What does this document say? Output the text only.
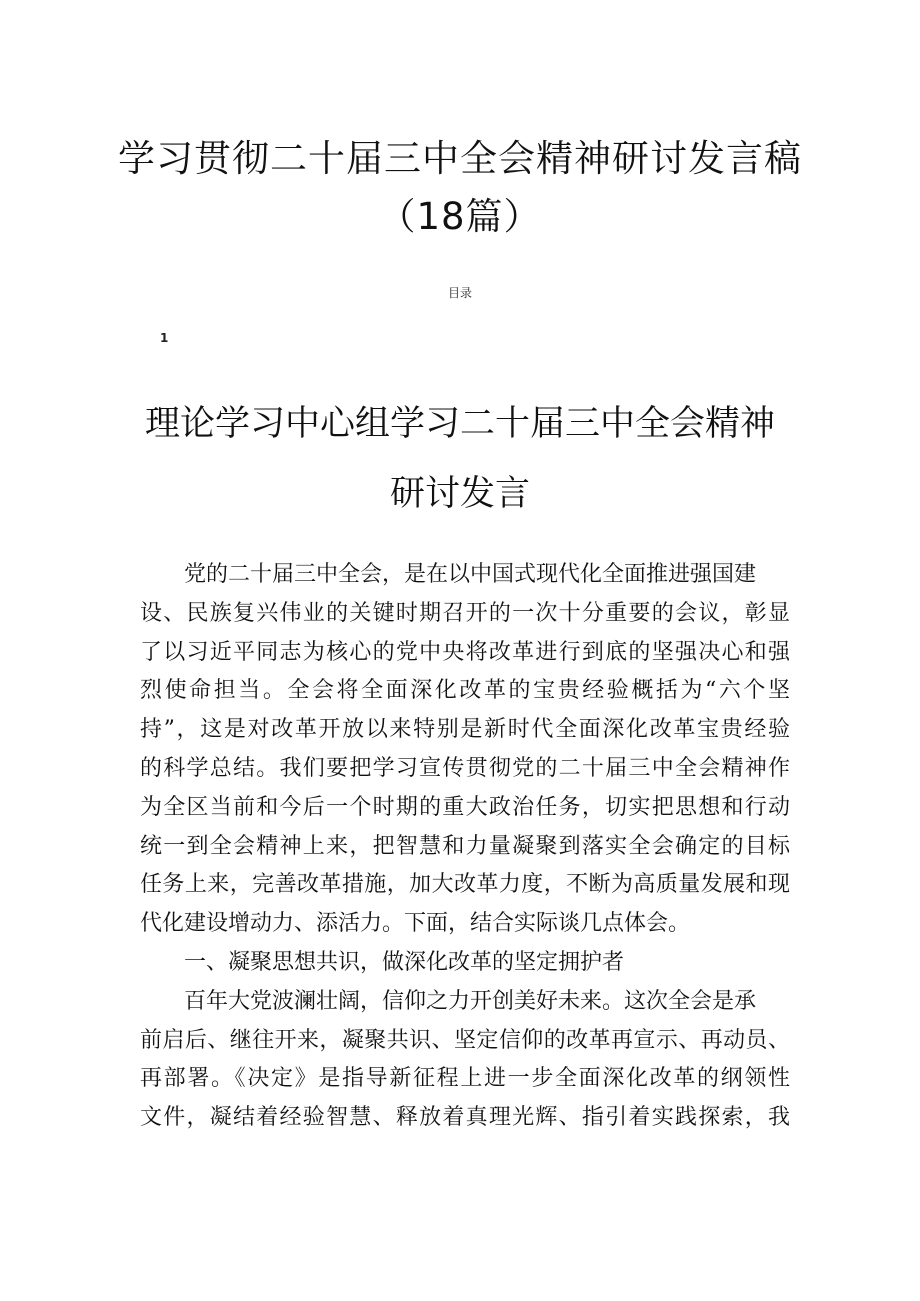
学习贯彻二十届三中全会精神研讨发言稿
（18篇）
目录
1
理论学习中心组学习二十届三中全会精神
研讨发言
党的二十届三中全会，是在以中国式现代化全面推进强国建
设、民族复兴伟业的关键时期召开的一次十分重要的会议，彰显
了以习近平同志为核心的党中央将改革进行到底的坚强决心和强
烈使命担当。全会将全面深化改革的宝贵经验概括为“六个坚
持”，这是对改革开放以来特别是新时代全面深化改革宝贵经验
的科学总结。我们要把学习宣传贯彻党的二十届三中全会精神作
为全区当前和今后一个时期的重大政治任务，切实把思想和行动
统一到全会精神上来，把智慧和力量凝聚到落实全会确定的目标
任务上来，完善改革措施，加大改革力度，不断为高质量发展和现
代化建设增动力、添活力。下面，结合实际谈几点体会。
一、凝聚思想共识，做深化改革的坚定拥护者
百年大党波澜壮阔，信仰之力开创美好未来。这次全会是承
前启后、继往开来，凝聚共识、坚定信仰的改革再宣示、再动员、
再部署。《决定》是指导新征程上进一步全面深化改革的纲领性
文件，凝结着经验智慧、释放着真理光辉、指引着实践探索，我
